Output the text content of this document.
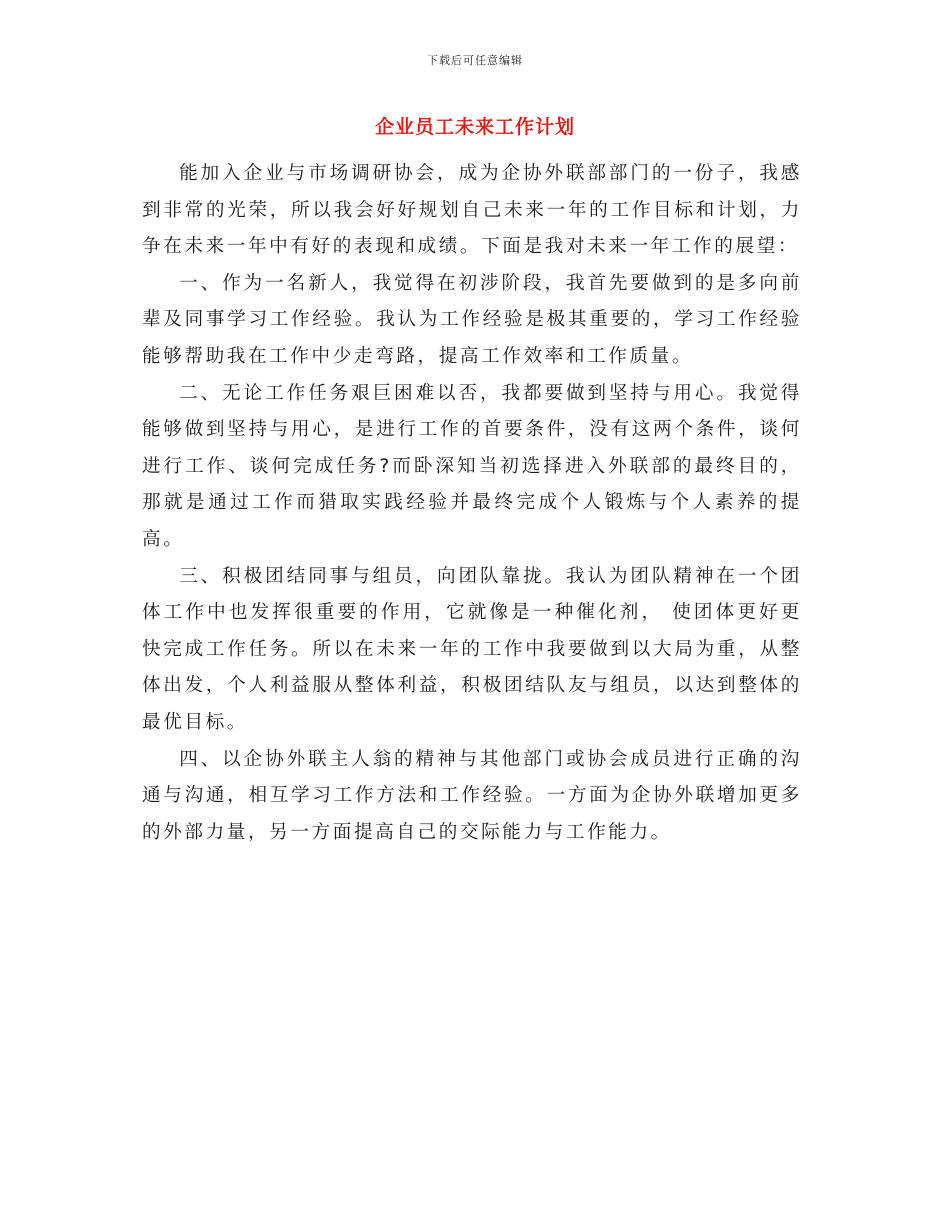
下载后可任意编辑
企业员工未来工作计划

能加入企业与市场调研协会，成为企协外联部部门的一份子，我感到非常的光荣，所以我会好好规划自己未来一年的工作目标和计划，力争在未来一年中有好的表现和成绩。下面是我对未来一年工作的展望：

一、作为一名新人，我觉得在初涉阶段，我首先要做到的是多向前辈及同事学习工作经验。我认为工作经验是极其重要的，学习工作经验能够帮助我在工作中少走弯路，提高工作效率和工作质量。

二、无论工作任务艰巨困难以否，我都要做到坚持与用心。我觉得能够做到坚持与用心，是进行工作的首要条件，没有这两个条件，谈何进行工作、谈何完成任务?而卧深知当初选择进入外联部的最终目的，那就是通过工作而猎取实践经验并最终完成个人锻炼与个人素养的提高。

三、积极团结同事与组员，向团队靠拢。我认为团队精神在一个团体工作中也发挥很重要的作用，它就像是一种催化剂， 使团体更好更快完成工作任务。所以在未来一年的工作中我要做到以大局为重，从整体出发，个人利益服从整体利益，积极团结队友与组员，以达到整体的最优目标。

四、以企协外联主人翁的精神与其他部门或协会成员进行正确的沟通与沟通，相互学习工作方法和工作经验。一方面为企协外联增加更多的外部力量，另一方面提高自己的交际能力与工作能力。
